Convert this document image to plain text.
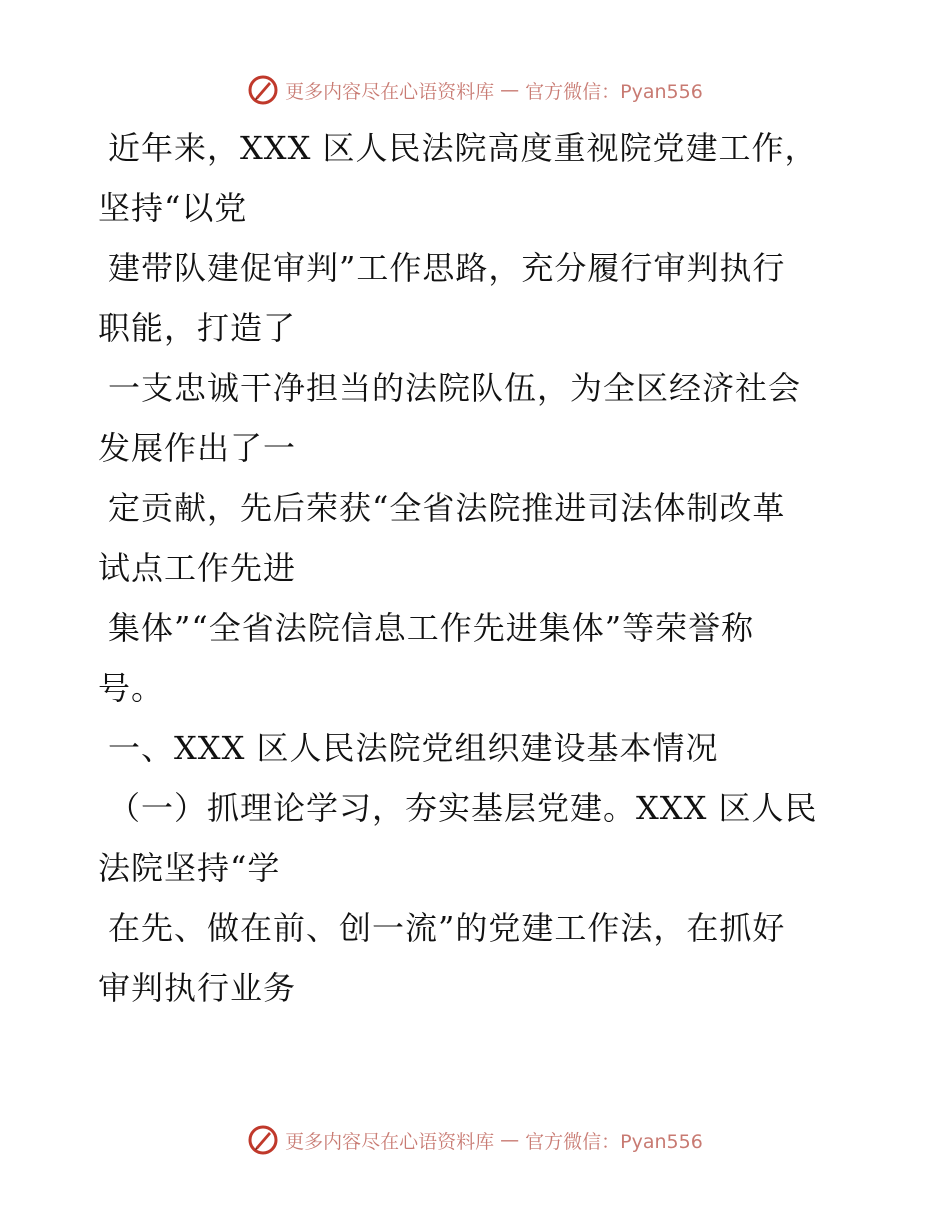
更多内容尽在心语资料库 — 官方微信：Pyan556

近年来，XXX 区人民法院高度重视院党建工作，
坚持“以党

建带队建促审判”工作思路，充分履行审判执行
职能，打造了

一支忠诚干净担当的法院队伍，为全区经济社会
发展作出了一

定贡献，先后荣获“全省法院推进司法体制改革
试点工作先进

集体”“全省法院信息工作先进集体”等荣誉称
号。

一、XXX 区人民法院党组织建设基本情况

（一）抓理论学习，夯实基层党建。XXX 区人民
法院坚持“学

在先、做在前、创一流”的党建工作法，在抓好
审判执行业务

更多内容尽在心语资料库 — 官方微信：Pyan556
